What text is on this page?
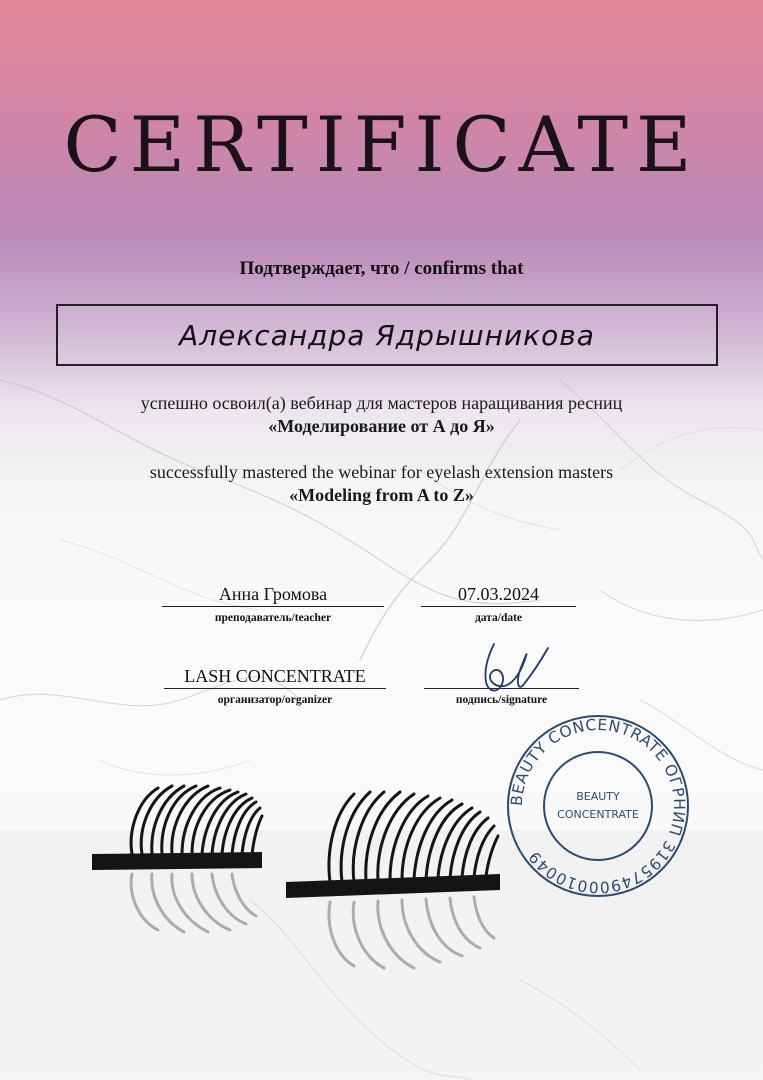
CERTIFICATE
Подтверждает, что / confirms that
Александра Ядрышникова
успешно освоил(а) вебинар для мастеров наращивания ресниц
«Моделирование от А до Я»
successfully mastered the webinar for eyelash extension masters
«Modeling from A to Z»
Анна Громова
преподаватель/teacher
07.03.2024
дата/date
LASH CONCENTRATE
организатор/organizer	подпись/signature
BEAUTY CONCENTRATE ОГРНИП 319574900010049
BEAUTY
CONCENTRATE
